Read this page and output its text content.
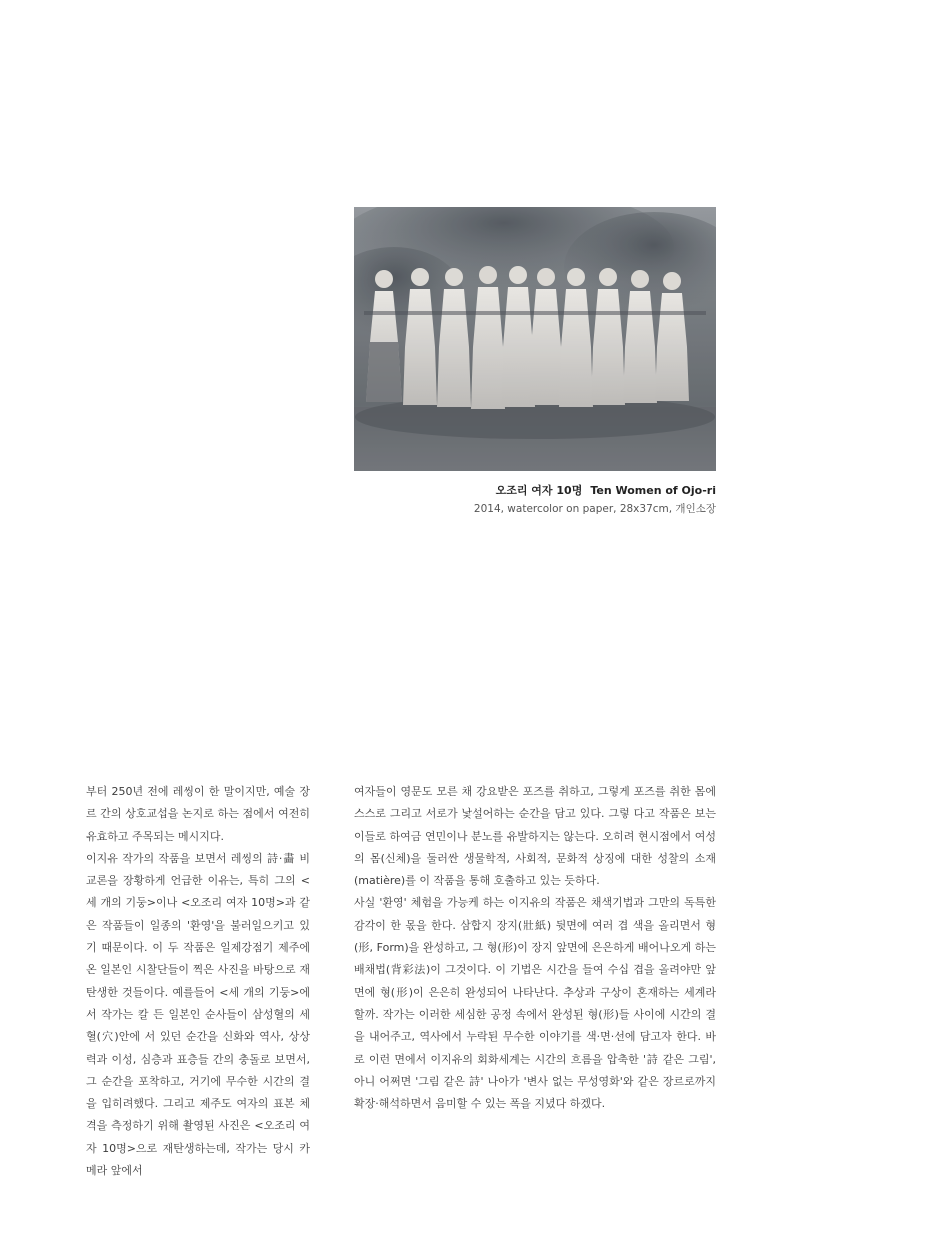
오조리 여자 10명 Ten Women of Ojo-ri
2014, watercolor on paper, 28x37cm, 개인소장

부터 250년 전에 레씽이 한 말이지만, 예술 장르 간의 상호교섭을 논지로 하는 점에서 여전히 유효하고 주목되는 메시지다.

이지유 작가의 작품을 보면서 레씽의 詩·畵 비교론을 장황하게 언급한 이유는, 특히 그의 <세 개의 기둥>이나 <오조리 여자 10명>과 같은 작품들이 일종의 '환영'을 불러일으키고 있기 때문이다. 이 두 작품은 일제강점기 제주에 온 일본인 시찰단들이 찍은 사진을 바탕으로 재탄생한 것들이다. 예를들어 <세 개의 기둥>에서 작가는 칼 든 일본인 순사들이 삼성혈의 세 혈(穴)안에 서 있던 순간을 신화와 역사, 상상력과 이성, 심층과 표층들 간의 충돌로 보면서, 그 순간을 포착하고, 거기에 무수한 시간의 결을 입히려했다. 그리고 제주도 여자의 표본 체격을 측정하기 위해 촬영된 사진은 <오조리 여자 10명>으로 재탄생하는데, 작가는 당시 카메라 앞에서

여자들이 영문도 모른 채 강요받은 포즈를 취하고, 그렇게 포즈를 취한 몸에 스스로 그리고 서로가 낯설어하는 순간을 담고 있다. 그렇 다고 작품은 보는 이들로 하여금 연민이나 분노를 유발하지는 않는다. 오히려 현시점에서 여성의 몸(신체)을 둘러싼 생물학적, 사회적, 문화적 상징에 대한 성찰의 소재(matière)를 이 작품을 통해 호출하고 있는 듯하다.

사실 '환영' 체험을 가능케 하는 이지유의 작품은 채색기법과 그만의 독특한 감각이 한 몫을 한다. 삼합지 장지(壯紙) 뒷면에 여러 겹 색을 올리면서 형(形, Form)을 완성하고, 그 형(形)이 장지 앞면에 은은하게 배어나오게 하는 배채법(背彩法)이 그것이다. 이 기법은 시간을 들여 수십 겹을 올려야만 앞면에 형(形)이 은은히 완성되어 나타난다. 추상과 구상이 혼재하는 세계라 할까. 작가는 이러한 세심한 공정 속에서 완성된 형(形)들 사이에 시간의 결을 내어주고, 역사에서 누락된 무수한 이야기를 색·면·선에 담고자 한다. 바로 이런 면에서 이지유의 회화세계는 시간의 흐름을 압축한 '詩 같은 그림', 아니 어쩌면 '그림 같은 詩' 나아가 '변사 없는 무성영화'와 같은 장르로까지 확장·해석하면서 음미할 수 있는 폭을 지녔다 하겠다.
